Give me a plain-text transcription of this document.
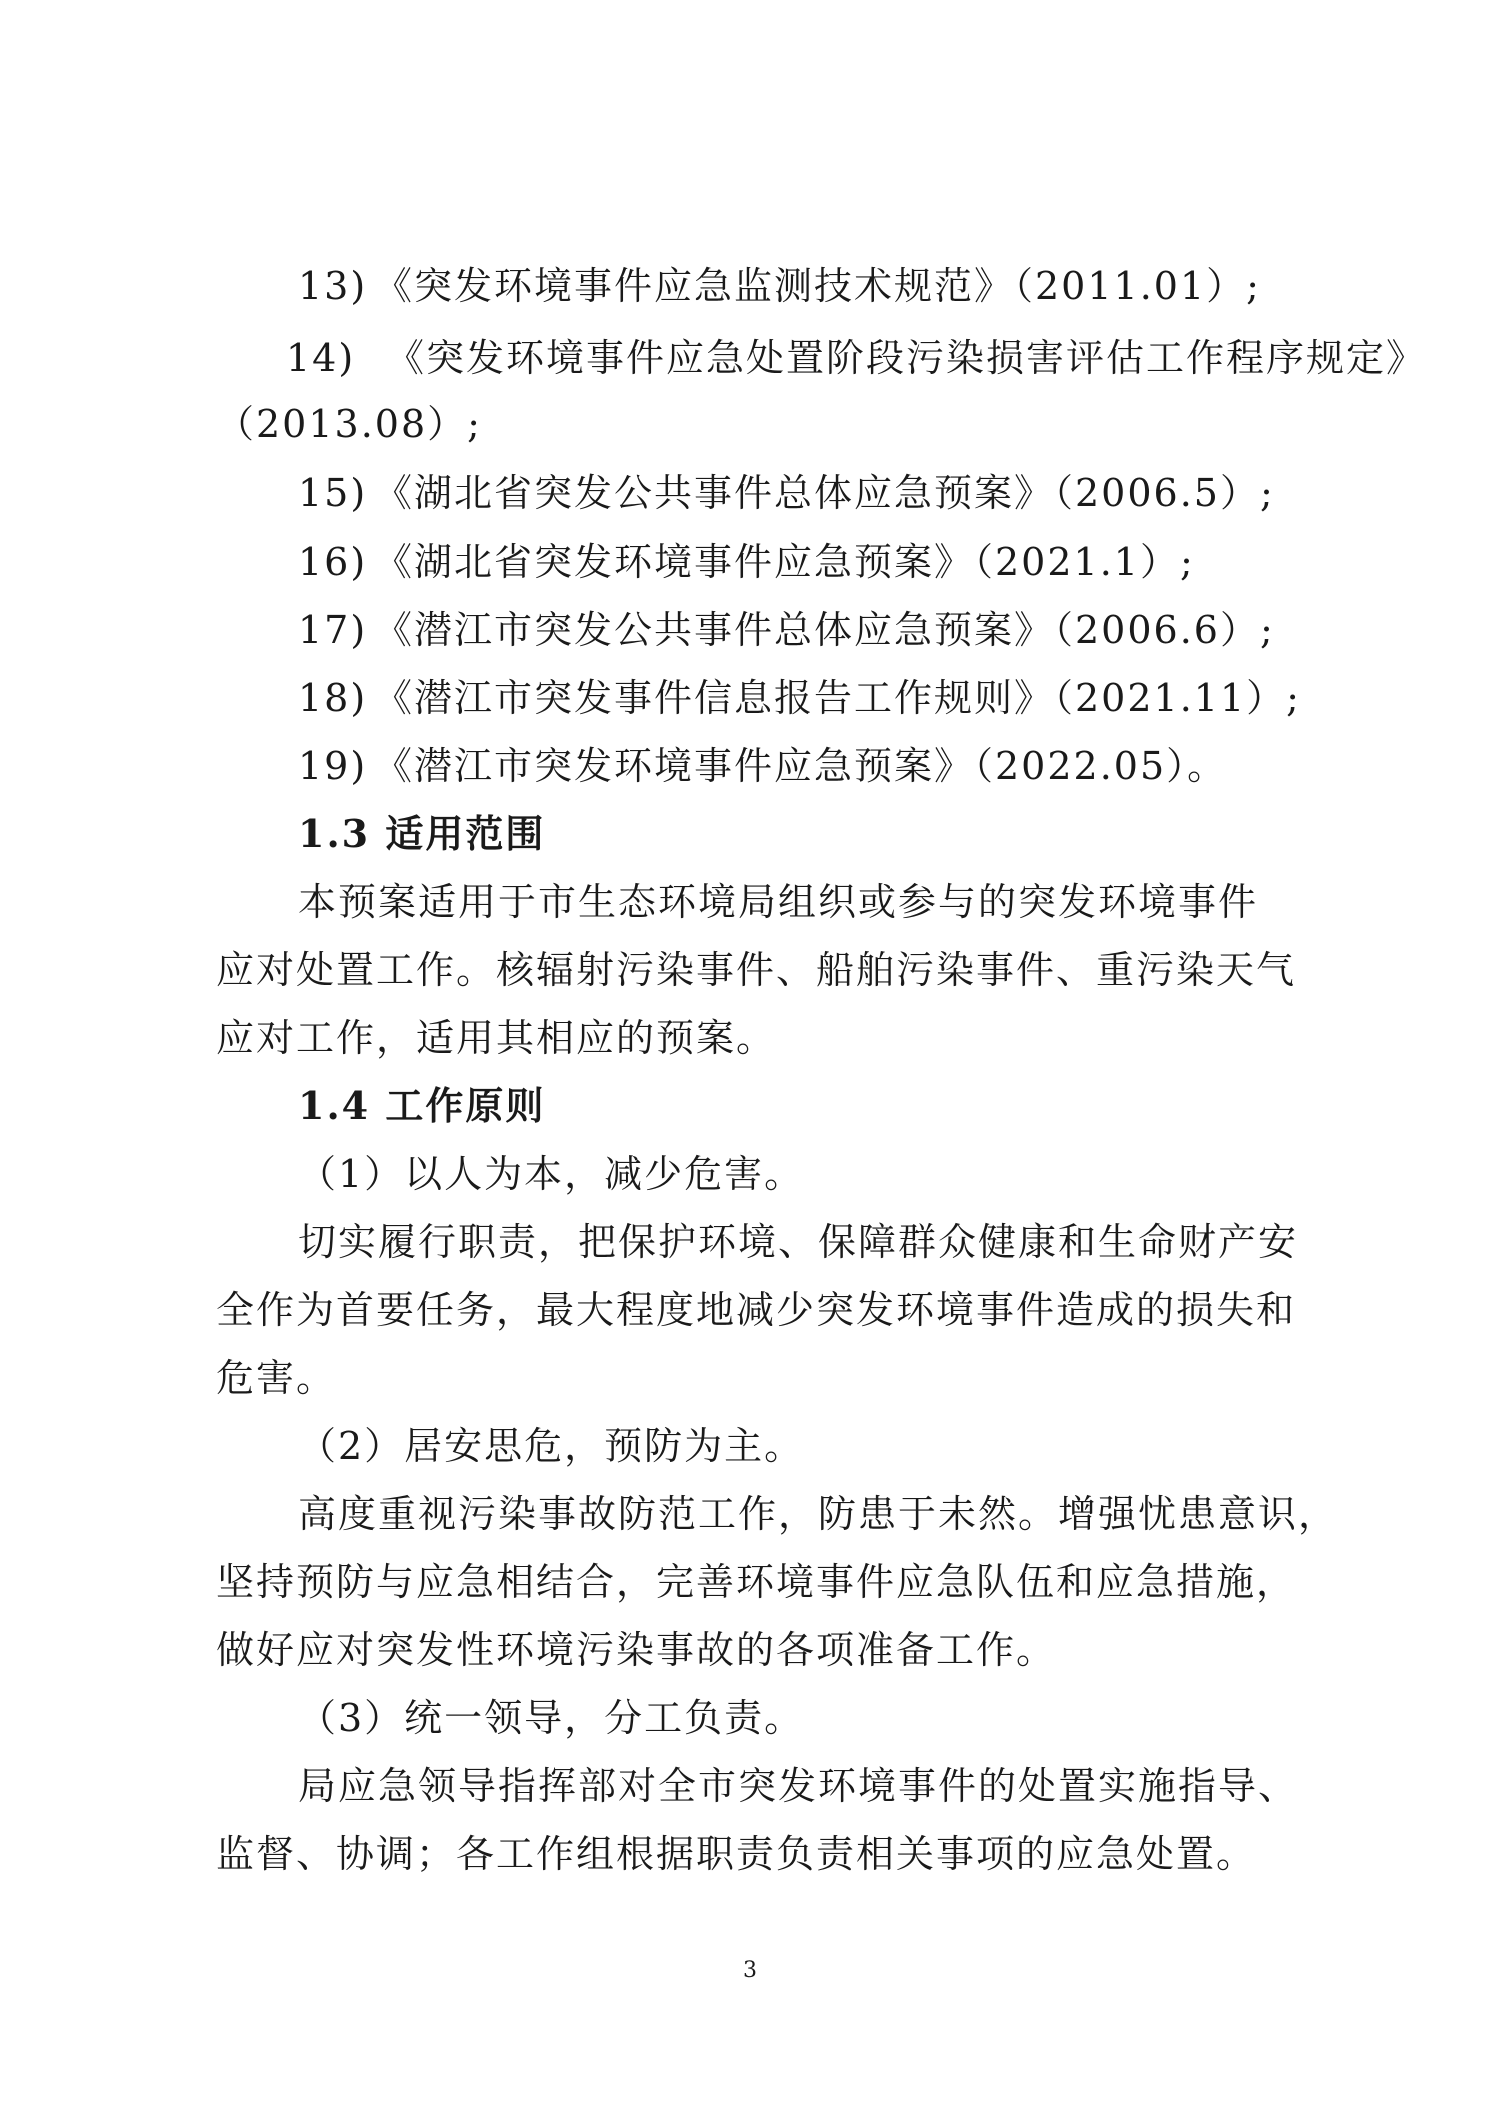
13) 《突发环境事件应急监测技术规范》（2011.01）;
14) 《突发环境事件应急处置阶段污染损害评估工作程序规定》
（2013.08）;
15) 《湖北省突发公共事件总体应急预案》（2006.5）;
16) 《湖北省突发环境事件应急预案》（2021.1）;
17) 《潜江市突发公共事件总体应急预案》（2006.6）;
18) 《潜江市突发事件信息报告工作规则》（2021.11）;
19) 《潜江市突发环境事件应急预案》（2022.05）。
1.3 适用范围
本预案适用于市生态环境局组织或参与的突发环境事件
应对处置工作。核辐射污染事件、船舶污染事件、重污染天气
应对工作，适用其相应的预案。
1.4 工作原则
（1）以人为本，减少危害。
切实履行职责，把保护环境、保障群众健康和生命财产安
全作为首要任务，最大程度地减少突发环境事件造成的损失和
危害。
（2）居安思危，预防为主。
高度重视污染事故防范工作，防患于未然。增强忧患意识，
坚持预防与应急相结合，完善环境事件应急队伍和应急措施，
做好应对突发性环境污染事故的各项准备工作。
（3）统一领导，分工负责。
局应急领导指挥部对全市突发环境事件的处置实施指导、
监督、协调；各工作组根据职责负责相关事项的应急处置。
3
